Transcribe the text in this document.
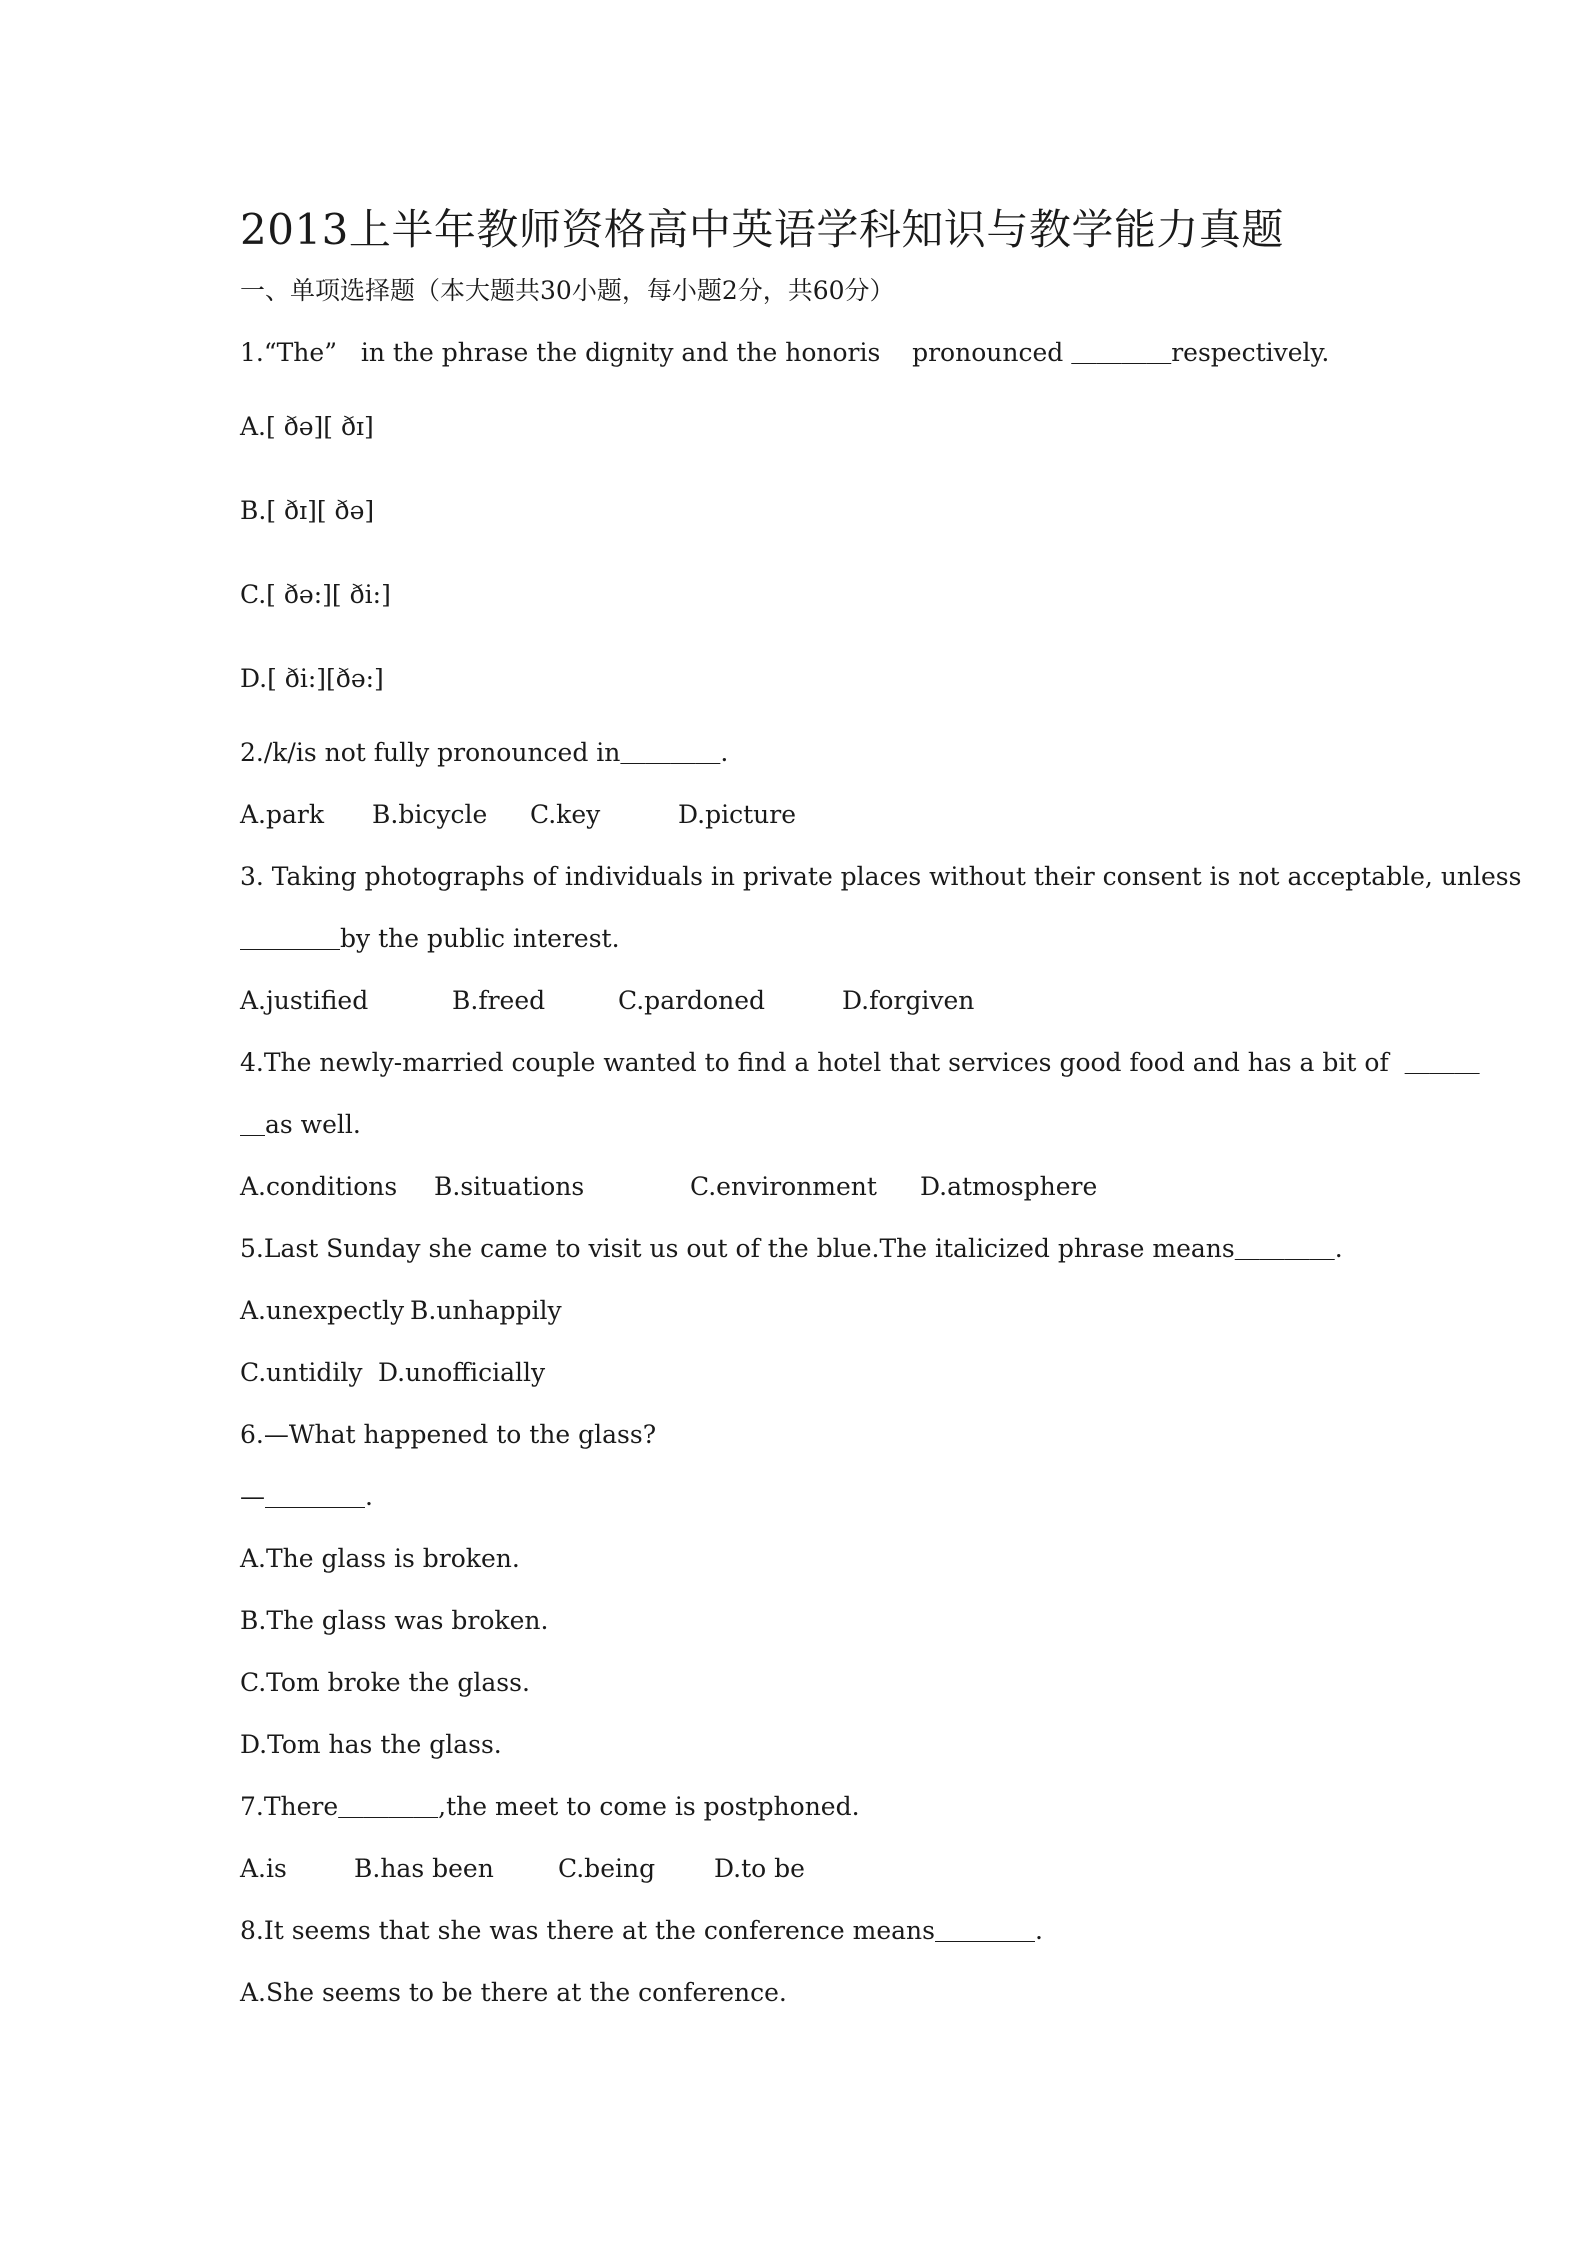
2013上半年教师资格高中英语学科知识与教学能力真题

一、单项选择题（本大题共30小题，每小题2分，共60分）

1.“The”   in the phrase the dignity and the honoris    pronounced ＿＿＿＿respectively.

A.[ ðə][ ðɪ]

B.[ ðɪ][ ðə]

C.[ ðə:][ ði:]

D.[ ði:][ðə:]

2./k/is not fully pronounced in＿＿＿＿.

A.park	B.bicycle	C.key	D.picture

3. Taking photographs of individuals in private places without their consent is not acceptable, unless

＿＿＿＿by the public interest.

A.justified	B.freed	C.pardoned	D.forgiven

4.The newly-married couple wanted to find a hotel that services good food and has a bit of  ＿＿＿

＿as well.

A.conditions	B.situations	C.environment	D.atmosphere

5.Last Sunday she came to visit us out of the blue.The italicized phrase means＿＿＿＿.

A.unexpectly B.unhappily
C.untidily D.unofficially

6.—What happened to the glass?

—＿＿＿＿.

A.The glass is broken.

B.The glass was broken.

C.Tom broke the glass.

D.Tom has the glass.

7.There＿＿＿＿,the meet to come is postphoned.

A.is	B.has been	C.being	D.to be

8.It seems that she was there at the conference means＿＿＿＿.

A.She seems to be there at the conference.
